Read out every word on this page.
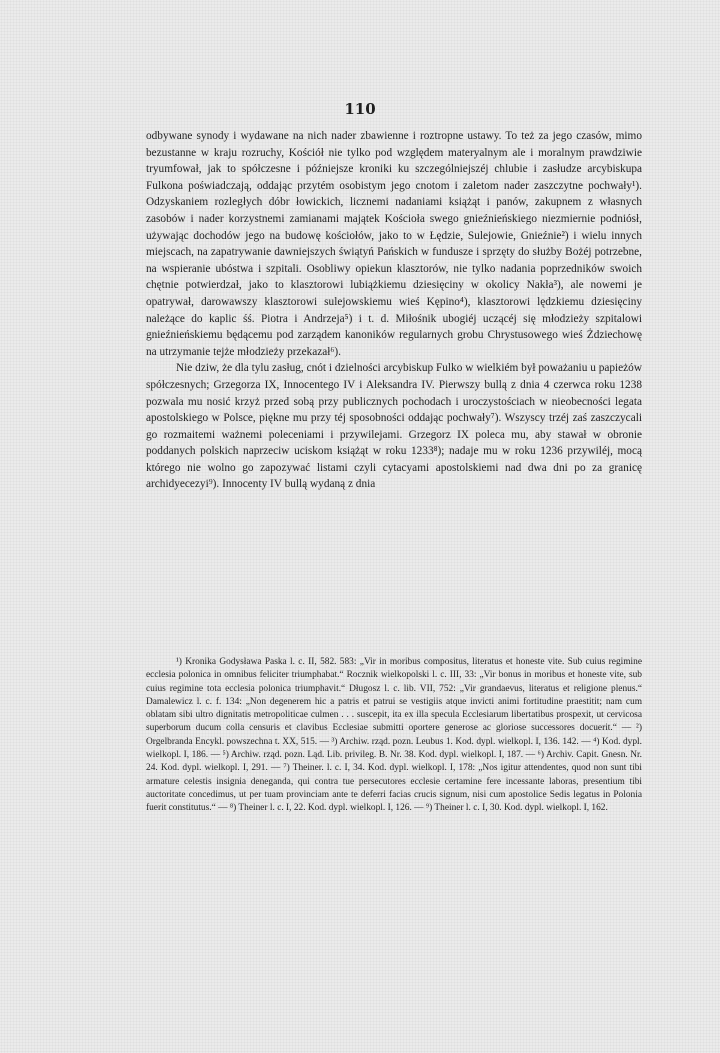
110

odbywane synody i wydawane na nich nader zbawienne i roztropne ustawy. To też za jego czasów, mimo bezustanne w kraju rozruchy, Kościół nie tylko pod względem materyalnym ale i moralnym prawdziwie tryumfował, jak to spółczesne i późniejsze kroniki ku szczególniejszéj chlubie i zasłudze arcybiskupa Fulkona poświadczają, oddając przytém osobistym jego cnotom i zaletom nader zaszczytne pochwały¹). Odzyskaniem rozległych dóbr łowickich, licznemi nadaniami książąt i panów, zakupnem z własnych zasobów i nader korzystnemi zamianami majątek Kościoła swego gnieźnieńskiego niezmiernie podniósł, używając dochodów jego na budowę kościołów, jako to w Łędzie, Sulejowie, Gnieźnie²) i wielu innych miejscach, na zapatrywanie dawniejszych świątyń Pańskich w fundusze i sprzęty do służby Bożéj potrzebne, na wspieranie ubóstwa i szpitali. Osobliwy opiekun klasztorów, nie tylko nadania poprzedników swoich chętnie potwierdzał, jako to klasztorowi lubiążkiemu dziesięciny w okolicy Nakła³), ale nowemi je opatrywał, darowawszy klasztorowi sulejowskiemu wieś Kępino⁴), klasztorowi lędzkiemu dziesięciny należące do kaplic śś. Piotra i Andrzeja⁵) i t. d. Miłośnik ubogiéj uczącéj się młodzieży szpitalowi gnieźnieńskiemu będącemu pod zarządem kanoników regularnych grobu Chrystusowego wieś Żdziechowę na utrzymanie tejże młodzieży przekazał⁶).

Nie dziw, że dla tylu zasług, cnót i dzielności arcybiskup Fulko w wielkiém był poważaniu u papieżów spółczesnych; Grzegorza IX, Innocentego IV i Aleksandra IV. Pierwszy bullą z dnia 4 czerwca roku 1238 pozwala mu nosić krzyż przed sobą przy publicznych pochodach i uroczystościach w nieobecności legata apostolskiego w Polsce, piękne mu przy téj sposobności oddając pochwały⁷). Wszyscy trzéj zaś zaszczycali go rozmaitemi ważnemi poleceniami i przywilejami. Grzegorz IX poleca mu, aby stawał w obronie poddanych polskich naprzeciw uciskom książąt w roku 1233⁸); nadaje mu w roku 1236 przywiléj, mocą którego nie wolno go zapozywać listami czyli cytacyami apostolskiemi nad dwa dni po za granicę archidyecezyi⁹). Innocenty IV bullą wydaną z dnia

¹) Kronika Godysława Paska l. c. II, 582. 583: „Vir in moribus compositus, literatus et honeste vite. Sub cuius regimine ecclesia polonica in omnibus feliciter triumphabat.“ Rocznik wielkopolski l. c. III, 33: „Vir bonus in moribus et honeste vite, sub cuius regimine tota ecclesia polonica triumphavit.“ Długosz l. c. lib. VII, 752: „Vir grandaevus, literatus et religione plenus.“ Damalewicz l. c. f. 134: „Non degenerem hic a patris et patrui se vestigiis atque invicti animi fortitudine praestitit; nam cum oblatam sibi ultro dignitatis metropoliticae culmen . . . suscepit, ita ex illa specula Ecclesiarum libertatibus prospexit, ut cervicosa superborum ducum colla censuris et clavibus Ecclesiae submitti oportere generose ac gloriose successores docuerit.“ — ²) Orgelbranda Encykl. powszechna t. XX, 515. — ³) Archiw. rząd. pozn. Leubus 1. Kod. dypl. wielkopl. I, 136. 142. — ⁴) Kod. dypl. wielkopl. I, 186. — ⁵) Archiw. rząd. pozn. Ląd. Lib. privileg. B. Nr. 38. Kod. dypl. wielkopl. I, 187. — ⁶) Archiv. Capit. Gnesn. Nr. 24. Kod. dypl. wielkopl. I, 291. — ⁷) Theiner. l. c. I, 34. Kod. dypl. wielkopl. I, 178: „Nos igitur attendentes, quod non sunt tibi armature celestis insignia deneganda, qui contra tue persecutores ecclesie certamine fere incessante laboras, presentium tibi auctoritate concedimus, ut per tuam provinciam ante te deferri facias crucis signum, nisi cum apostolice Sedis legatus in Polonia fuerit constitutus.“ — ⁸) Theiner l. c. I, 22. Kod. dypl. wielkopl. I, 126. — ⁹) Theiner l. c. I, 30. Kod. dypl. wielkopl. I, 162.
